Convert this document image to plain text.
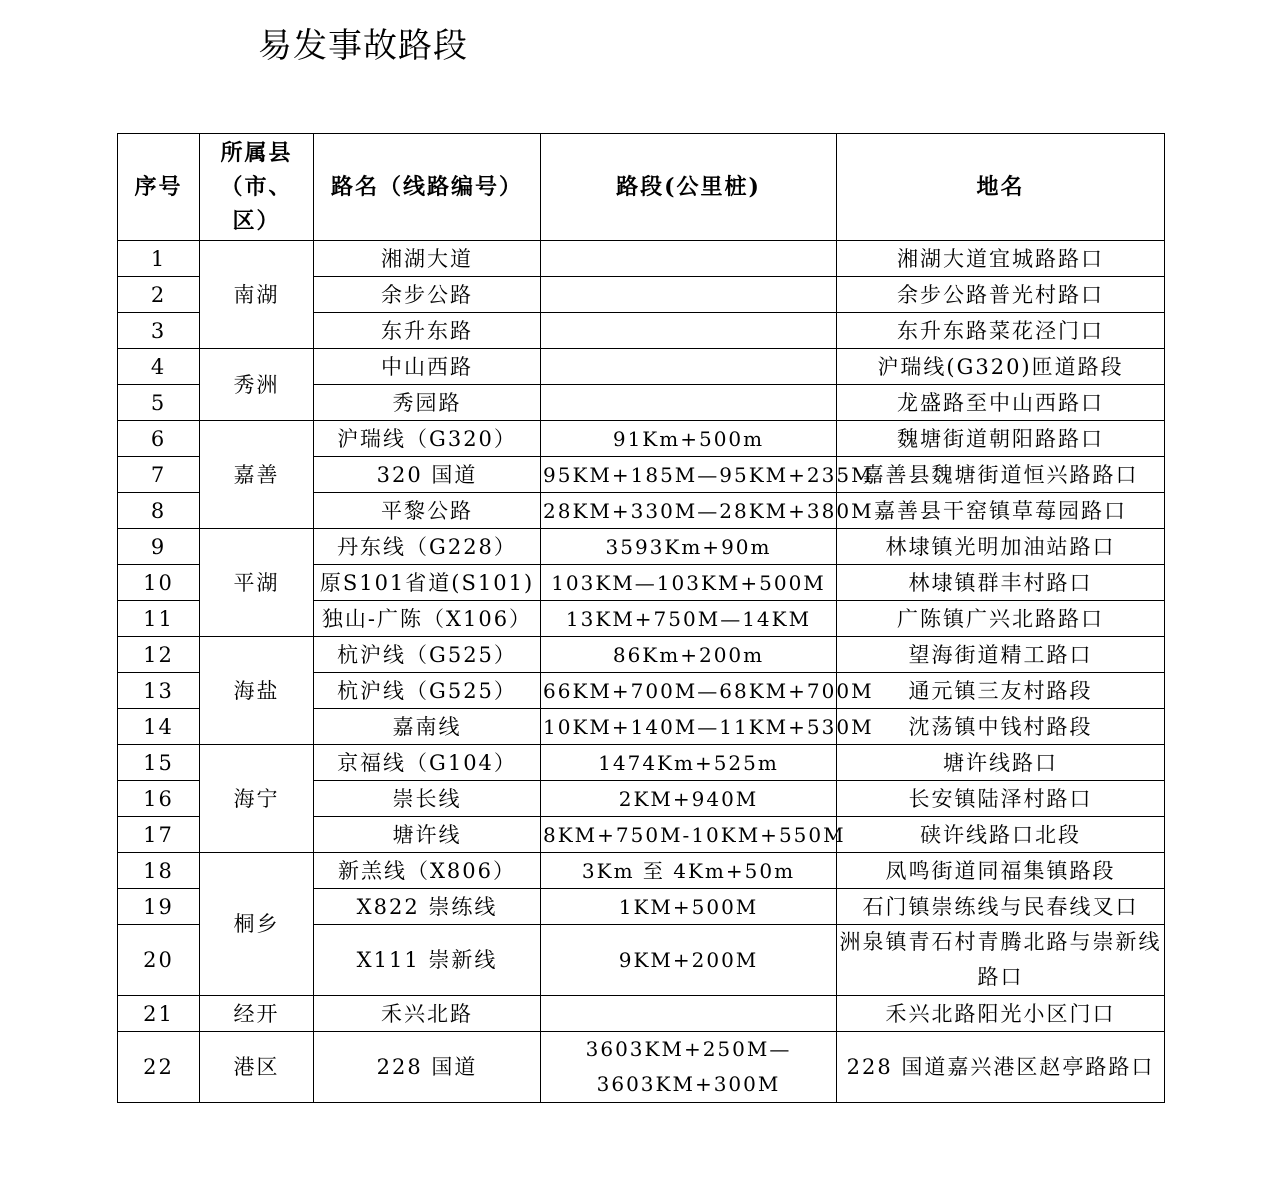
易发事故路段
序号	所属县（市、区）	路名（线路编号）	路段(公里桩)	地名
1	南湖	湘湖大道		湘湖大道宜城路路口
2		余步公路		余步公路普光村路口
3		东升东路		东升东路菜花泾门口
4	秀洲	中山西路		沪瑞线(G320)匝道路段
5		秀园路		龙盛路至中山西路口
6	嘉善	沪瑞线（G320）	91Km+500m	魏塘街道朝阳路路口
7		320 国道	95KM+185M—95KM+235M	嘉善县魏塘街道恒兴路路口
8		平黎公路	28KM+330M—28KM+380M	嘉善县干窑镇草莓园路口
9	平湖	丹东线（G228）	3593Km+90m	林埭镇光明加油站路口
10		原S101省道(S101)	103KM—103KM+500M	林埭镇群丰村路口
11		独山-广陈（X106）	13KM+750M—14KM	广陈镇广兴北路路口
12	海盐	杭沪线（G525）	86Km+200m	望海街道精工路口
13		杭沪线（G525）	66KM+700M—68KM+700M	通元镇三友村路段
14		嘉南线	10KM+140M—11KM+530M	沈荡镇中钱村路段
15	海宁	京福线（G104）	1474Km+525m	塘许线路口
16		崇长线	2KM+940M	长安镇陆泽村路口
17		塘许线	8KM+750M-10KM+550M	硖许线路口北段
18	桐乡	新羔线（X806）	3Km 至 4Km+50m	凤鸣街道同福集镇路段
19		X822 崇练线	1KM+500M	石门镇崇练线与民春线叉口
20		X111 崇新线	9KM+200M	洲泉镇青石村青腾北路与崇新线路口
21	经开	禾兴北路		禾兴北路阳光小区门口
22	港区	228 国道	3603KM+250M—3603KM+300M	228 国道嘉兴港区赵亭路路口
